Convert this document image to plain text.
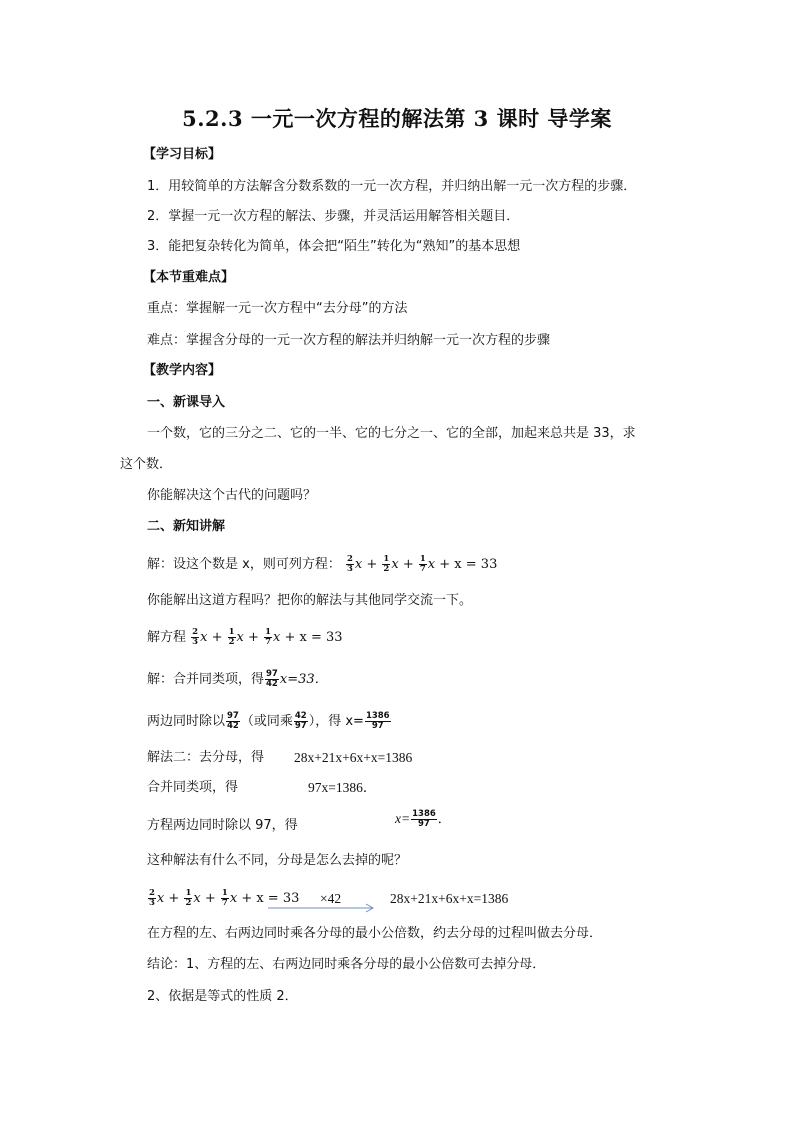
5.2.3 一元一次方程的解法第 3 课时 导学案
【学习目标】
1．用较简单的方法解含分数系数的一元一次方程，并归纳出解一元一次方程的步骤．
2．掌握一元一次方程的解法、步骤，并灵活运用解答相关题目．
3．能把复杂转化为简单，体会把“陌生”转化为“熟知”的基本思想
【本节重难点】
重点：掌握解一元一次方程中“去分母”的方法
难点：掌握含分母的一元一次方程的解法并归纳解一元一次方程的步骤
【教学内容】
一、新课导入
一个数，它的三分之二、它的一半、它的七分之一、它的全部，加起来总共是 33，求
这个数．
你能解决这个古代的问题吗？
二、新知讲解
解：设这个数是 x，则可列方程： $\frac{2}{3}$ $x + \frac{1}{2}$ $x + \frac{1}{7}$ x + x = 33
你能解出这道方程吗？把你的解法与其他同学交流一下。
解方程 $\frac{2}{3}$ $x + \frac{1}{2}$ $x + \frac{1}{7}$ x + x = 33
解：合并同类项，得 $\frac{97}{42} x=33$．
两边同时除以 $\frac{97}{42}$ （或同乘 $\frac{42}{97}$ ），得 $x= \frac{1386}{97}$
解法二：去分母，得 28x+21x+6x+x=1386
合并同类项，得	97x=1386．
方程两边同时除以 97，得	$x= \frac{1386}{97}$ ．
这种解法有什么不同，分母是怎么去掉的呢？
$\frac{2}{3}$ $x + \frac{1}{2}$ $x + \frac{1}{7}$ x + x = 33 ×42	28x+21x+6x+x=1386
在方程的左、右两边同时乘各分母的最小公倍数，约去分母的过程叫做去分母．
结论：1、方程的左、右两边同时乘各分母的最小公倍数可去掉分母．
2、依据是等式的性质 2．
